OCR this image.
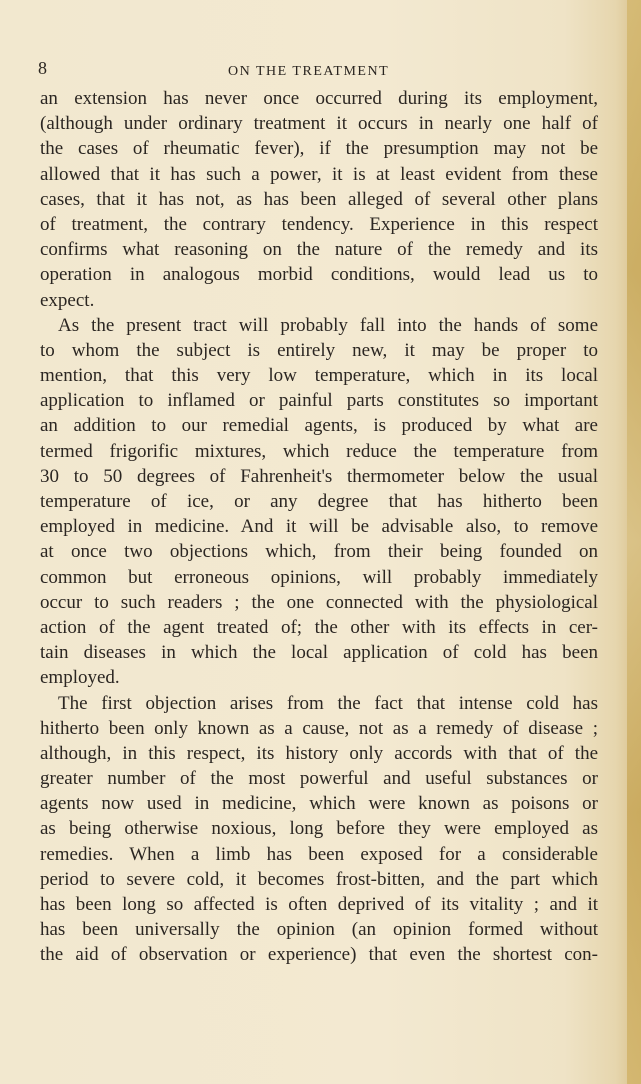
8	ON THE TREATMENT
an extension has never once occurred during its employment,
(although under ordinary treatment it occurs in nearly one half of
the cases of rheumatic fever), if the presumption may not be
allowed that it has such a power, it is at least evident from these
cases, that it has not, as has been alleged of several other plans
of treatment, the contrary tendency. Experience in this respect
confirms what reasoning on the nature of the remedy and its
operation in analogous morbid conditions, would lead us to
expect.
As the present tract will probably fall into the hands of some
to whom the subject is entirely new, it may be proper to
mention, that this very low temperature, which in its local
application to inflamed or painful parts constitutes so important
an addition to our remedial agents, is produced by what are
termed frigorific mixtures, which reduce the temperature from
30 to 50 degrees of Fahrenheit's thermometer below the usual
temperature of ice, or any degree that has hitherto been
employed in medicine. And it will be advisable also, to remove
at once two objections which, from their being founded on
common but erroneous opinions, will probably immediately
occur to such readers ; the one connected with the physiological
action of the agent treated of; the other with its effects in cer-
tain diseases in which the local application of cold has been
employed.
The first objection arises from the fact that intense cold has
hitherto been only known as a cause, not as a remedy of disease ;
although, in this respect, its history only accords with that of the
greater number of the most powerful and useful substances or
agents now used in medicine, which were known as poisons or
as being otherwise noxious, long before they were employed as
remedies. When a limb has been exposed for a considerable
period to severe cold, it becomes frost-bitten, and the part which
has been long so affected is often deprived of its vitality ; and it
has been universally the opinion (an opinion formed without
the aid of observation or experience) that even the shortest con-
